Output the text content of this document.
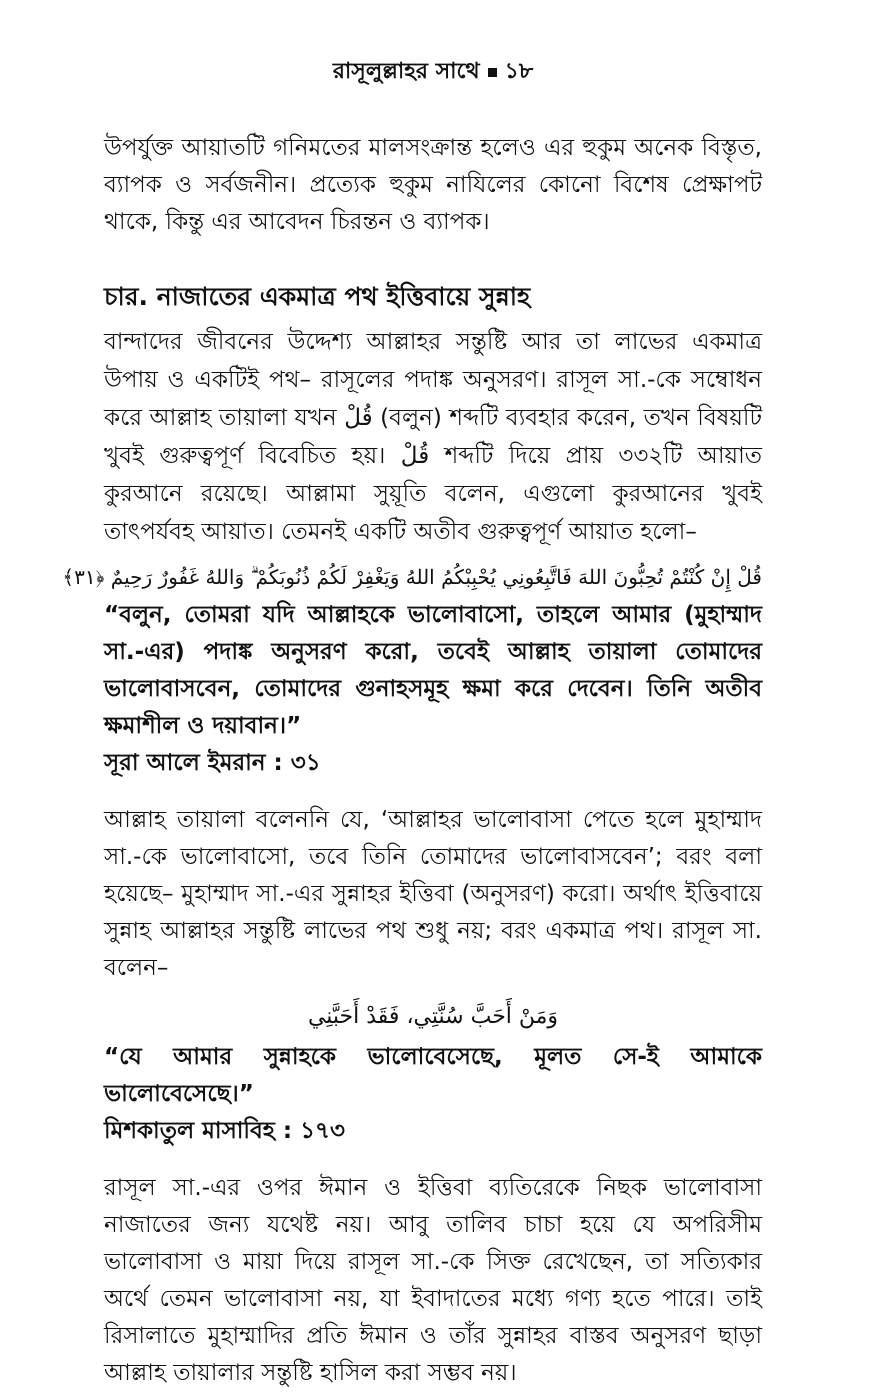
রাসূলুল্লাহর সাথে ১৮

উপর্যুক্ত আয়াতটি গনিমতের মালসংক্রান্ত হলেও এর হুকুম অনেক বিস্তৃত, ব্যাপক ও সর্বজনীন। প্রত্যেক হুকুম নাযিলের কোনো বিশেষ প্রেক্ষাপট থাকে, কিন্তু এর আবেদন চিরন্তন ও ব্যাপক।

চার. নাজাতের একমাত্র পথ ইত্তিবায়ে সুন্নাহ

বান্দাদের জীবনের উদ্দেশ্য আল্লাহর সন্তুষ্টি আর তা লাভের একমাত্র উপায় ও একটিই পথ– রাসূলের পদাঙ্ক অনুসরণ। রাসূল সা.-কে সম্বোধন করে আল্লাহ তায়ালা যখন قُلْ (বলুন) শব্দটি ব্যবহার করেন, তখন বিষয়টি খুবই গুরুত্বপূর্ণ বিবেচিত হয়। قُلْ শব্দটি দিয়ে প্রায় ৩৩২টি আয়াত কুরআনে রয়েছে। আল্লামা সুয়ূতি বলেন, এগুলো কুরআনের খুবই তাৎপর্যবহ আয়াত। তেমনই একটি অতীব গুরুত্বপূর্ণ আয়াত হলো–

قُلْ إِنْ كُنْتُمْ تُحِبُّونَ اللهَ فَاتَّبِعُونِي يُحْبِبْكُمُ اللهُ وَيَغْفِرْ لَكُمْ ذُنُوبَكُمْ ۗ وَاللهُ غَفُورٌ رَحِيمٌ ﴿٣١﴾

“বলুন, তোমরা যদি আল্লাহকে ভালোবাসো, তাহলে আমার (মুহাম্মাদ সা.-এর) পদাঙ্ক অনুসরণ করো, তবেই আল্লাহ তায়ালা তোমাদের ভালোবাসবেন, তোমাদের গুনাহসমূহ ক্ষমা করে দেবেন। তিনি অতীব ক্ষমাশীল ও দয়াবান।”

সূরা আলে ইমরান : ৩১

আল্লাহ তায়ালা বলেননি যে, ‘আল্লাহর ভালোবাসা পেতে হলে মুহাম্মাদ সা.-কে ভালোবাসো, তবে তিনি তোমাদের ভালোবাসবেন’; বরং বলা হয়েছে– মুহাম্মাদ সা.-এর সুন্নাহর ইত্তিবা (অনুসরণ) করো। অর্থাৎ ইত্তিবায়ে সুন্নাহ আল্লাহর সন্তুষ্টি লাভের পথ শুধু নয়; বরং একমাত্র পথ। রাসূল সা. বলেন–

وَمَنْ أَحَبَّ سُنَّتِي، فَقَدْ أَحَبَّنِي

“যে আমার সুন্নাহকে ভালোবেসেছে, মূলত সে-ই আমাকে ভালোবেসেছে।”

মিশকাতুল মাসাবিহ : ১৭৩

রাসূল সা.-এর ওপর ঈমান ও ইত্তিবা ব্যতিরেকে নিছক ভালোবাসা নাজাতের জন্য যথেষ্ট নয়। আবু তালিব চাচা হয়ে যে অপরিসীম ভালোবাসা ও মায়া দিয়ে রাসূল সা.-কে সিক্ত রেখেছেন, তা সত্যিকার অর্থে তেমন ভালোবাসা নয়, যা ইবাদাতের মধ্যে গণ্য হতে পারে। তাই রিসালাতে মুহাম্মাদির প্রতি ঈমান ও তাঁর সুন্নাহর বাস্তব অনুসরণ ছাড়া আল্লাহ তায়ালার সন্তুষ্টি হাসিল করা সম্ভব নয়।
